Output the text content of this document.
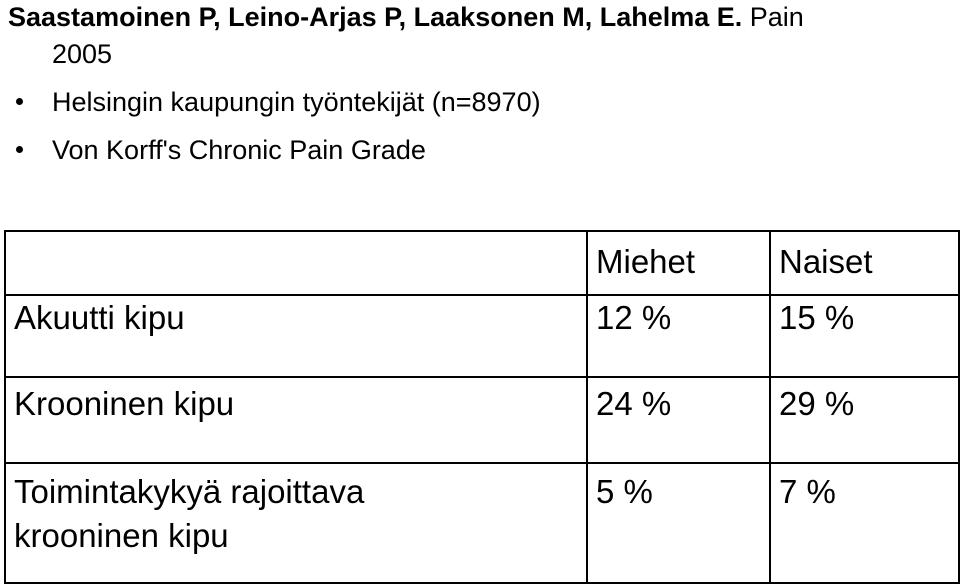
Saastamoinen P, Leino-Arjas P, Laaksonen M, Lahelma E. Pain
2005
Helsingin kaupungin työntekijät (n=8970)
Von Korff's Chronic Pain Grade
	Miehet	Naiset
Akuutti kipu	12 %	15 %
Krooninen kipu	24 %	29 %

Toimintakykyä rajoittava
krooninen kipu	5 %	7 %
